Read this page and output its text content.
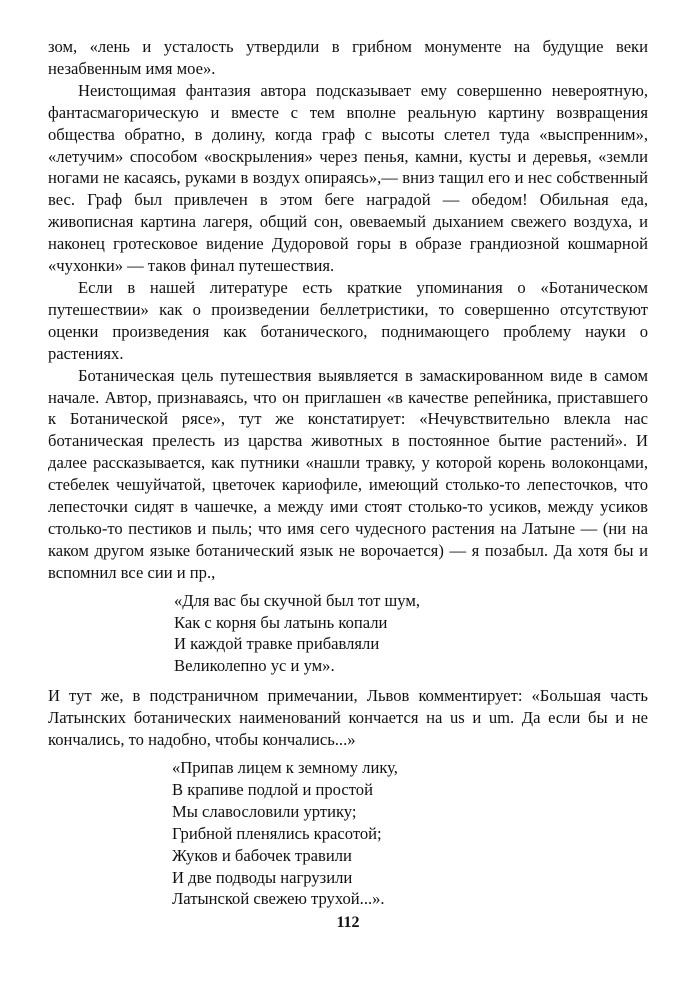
зом, «лень и усталость утвердили в грибном монументе на будущие веки незабвенным имя мое».

Неистощимая фантазия автора подсказывает ему совершенно невероятную, фантасмагорическую и вместе с тем вполне реальную картину возвращения общества обратно, в долину, когда граф с высоты слетел туда «выспренним», «летучим» способом «воскрыления» через пенья, камни, кусты и деревья, «земли ногами не касаясь, руками в воздух опираясь»,— вниз тащил его и нес собственный вес. Граф был привлечен в этом беге наградой — обедом! Обильная еда, живописная картина лагеря, общий сон, овеваемый дыханием свежего воздуха, и наконец гротесковое видение Дудоровой горы в образе грандиозной кошмарной «чухонки» — таков финал путешествия.

Если в нашей литературе есть краткие упоминания о «Ботаническом путешествии» как о произведении беллетристики, то совершенно отсутствуют оценки произведения как ботанического, поднимающего проблему науки о растениях.

Ботаническая цель путешествия выявляется в замаскированном виде в самом начале. Автор, признаваясь, что он приглашен «в качестве репейника, приставшего к Ботанической рясе», тут же констатирует: «Нечувствительно влекла нас ботаническая прелесть из царства животных в постоянное бытие растений». И далее рассказывается, как путники «нашли травку, у которой корень волоконцами, стебелек чешуйчатой, цветочек кариофиле, имеющий столько-то лепесточков, что лепесточки сидят в чашечке, а между ими стоят столько-то усиков, между усиков столько-то пестиков и пыль; что имя сего чудесного растения на Латыне — (ни на каком другом языке ботанический язык не ворочается) — я позабыл. Да хотя бы и вспомнил все сии и пр.,

«Для вас бы скучной был тот шум,
Как с корня бы латынь копали
И каждой травке прибавляли
Великолепно ус и ум».

И тут же, в подстраничном примечании, Львов комментирует: «Большая часть Латынских ботанических наименований кончается на us и um. Да если бы и не кончались, то надобно, чтобы кончались...»

«Припав лицем к земному лику,
В крапиве подлой и простой
Мы славословили уртику;
Грибной пленялись красотой;
Жуков и бабочек травили
И две подводы нагрузили
Латынской свежею трухой...».
112
